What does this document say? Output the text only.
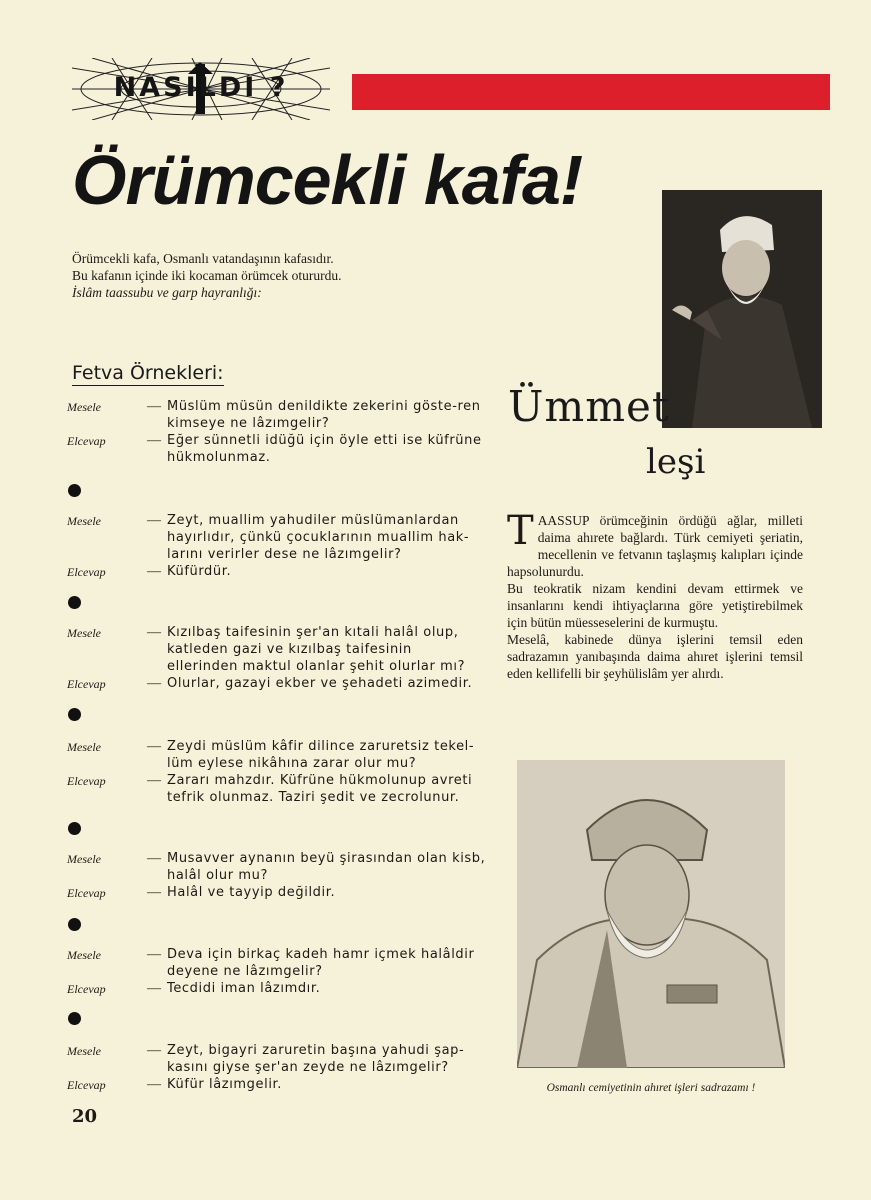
NASILDI ?
Örümcekli kafa!

Örümcekli kafa, Osmanlı vatandaşının kafasıdır.

Bu kafanın içinde iki kocaman örümcek otururdu.

İslâm taassubu ve garp hayranlığı:

Ümmet
leşi
Fetva Örnekleri:
Mesele	— Müslüm müsün denildikte zekerini göste-ren kimseye ne lâzımgelir?
Elcevap	— Eğer sünnetli idüğü için öyle etti ise küfrüne hükmolunmaz.
Mesele	— Zeyt, muallim yahudiler müslümanlardan hayırlıdır, çünkü çocuklarının muallim hak-larını verirler dese ne lâzımgelir?
Elcevap	— Küfürdür.
Mesele	— Kızılbaş taifesinin şer'an kıtali halâl olup, katleden gazi ve kızılbaş taifesinin ellerinden maktul olanlar şehit olurlar mı?
Elcevap	— Olurlar, gazayi ekber ve şehadeti azimedir.
Mesele	— Zeydi müslüm kâfir dilince zaruretsiz tekel-lüm eylese nikâhına zarar olur mu?
Elcevap	— Zararı mahzdır. Küfrüne hükmolunup avreti tefrik olunmaz. Taziri şedit ve zecrolunur.
Mesele	— Musavver aynanın beyü şirasından olan kisb, halâl olur mu?
Elcevap	— Halâl ve tayyip değildir.
Mesele	— Deva için birkaç kadeh hamr içmek halâldir deyene ne lâzımgelir?
Elcevap	— Tecdidi iman lâzımdır.
Mesele	— Zeyt, bigayri zaruretin başına yahudi şap-kasını giyse şer'an zeyde ne lâzımgelir?
Elcevap	— Küfür lâzımgelir.

TAASSUP örümceğinin ördüğü ağlar, milleti daima ahırete bağlardı. Türk cemiyeti şeriatin, mecellenin ve fetvanın taşlaşmış kalıpları içinde hapsolunurdu.

Bu teokratik nizam kendini devam ettirmek ve insanlarını kendi ihtiyaçlarına göre yetiştirebilmek için bütün müesseselerini de kurmuştu.

Meselâ, kabinede dünya işlerini temsil eden sadrazamın yanıbaşında daima ahıret işlerini temsil eden kellifelli bir şeyhülislâm yer alırdı.

Osmanlı cemiyetinin ahıret işleri sadrazamı !
20
